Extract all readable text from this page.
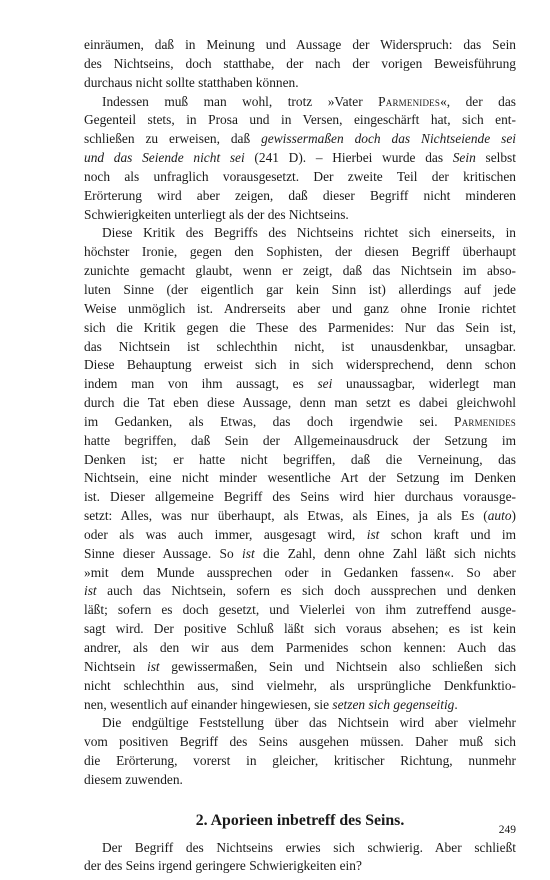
einräumen, daß in Meinung und Aussage der Widerspruch: das Sein
des Nichtseins, doch statthabe, der nach der vorigen Beweisführung
durchaus nicht sollte statthaben können.
Indessen muß man wohl, trotz »Vater Parmenides«, der das
Gegenteil stets, in Prosa und in Versen, eingeschärft hat, sich ent-
schließen zu erweisen, daß gewissermaßen doch das Nichtseiende sei
und das Seiende nicht sei (241 D). – Hierbei wurde das Sein selbst
noch als unfraglich vorausgesetzt. Der zweite Teil der kritischen
Erörterung wird aber zeigen, daß dieser Begriff nicht minderen
Schwierigkeiten unterliegt als der des Nichtseins.
Diese Kritik des Begriffs des Nichtseins richtet sich einerseits, in
höchster Ironie, gegen den Sophisten, der diesen Begriff überhaupt
zunichte gemacht glaubt, wenn er zeigt, daß das Nichtsein im abso-
luten Sinne (der eigentlich gar kein Sinn ist) allerdings auf jede
Weise unmöglich ist. Andrerseits aber und ganz ohne Ironie richtet
sich die Kritik gegen die These des Parmenides: Nur das Sein ist,
das Nichtsein ist schlechthin nicht, ist unausdenkbar, unsagbar.
Diese Behauptung erweist sich in sich widersprechend, denn schon
indem man von ihm aussagt, es sei unaussagbar, widerlegt man
durch die Tat eben diese Aussage, denn man setzt es dabei gleichwohl
im Gedanken, als Etwas, das doch irgendwie sei. Parmenides
hatte begriffen, daß Sein der Allgemeinausdruck der Setzung im
Denken ist; er hatte nicht begriffen, daß die Verneinung, das
Nichtsein, eine nicht minder wesentliche Art der Setzung im Denken
ist. Dieser allgemeine Begriff des Seins wird hier durchaus vorausge-
setzt: Alles, was nur überhaupt, als Etwas, als Eines, ja als Es (auto)
oder als was auch immer, ausgesagt wird, ist schon kraft und im
Sinne dieser Aussage. So ist die Zahl, denn ohne Zahl läßt sich nichts
»mit dem Munde aussprechen oder in Gedanken fassen«. So aber
ist auch das Nichtsein, sofern es sich doch aussprechen und denken
läßt; sofern es doch gesetzt, und Vielerlei von ihm zutreffend ausge-
sagt wird. Der positive Schluß läßt sich voraus absehen; es ist kein
andrer, als den wir aus dem Parmenides schon kennen: Auch das
Nichtsein ist gewissermaßen, Sein und Nichtsein also schließen sich
nicht schlechthin aus, sind vielmehr, als ursprüngliche Denkfunktio-
nen, wesentlich auf einander hingewiesen, sie setzen sich gegenseitig.
Die endgültige Feststellung über das Nichtsein wird aber vielmehr
vom positiven Begriff des Seins ausgehen müssen. Daher muß sich
die Erörterung, vorerst in gleicher, kritischer Richtung, nunmehr
diesem zuwenden.
2. Aporieen inbetreff des Seins.
Der Begriff des Nichtseins erwies sich schwierig. Aber schließt
der des Seins irgend geringere Schwierigkeiten ein?
249
